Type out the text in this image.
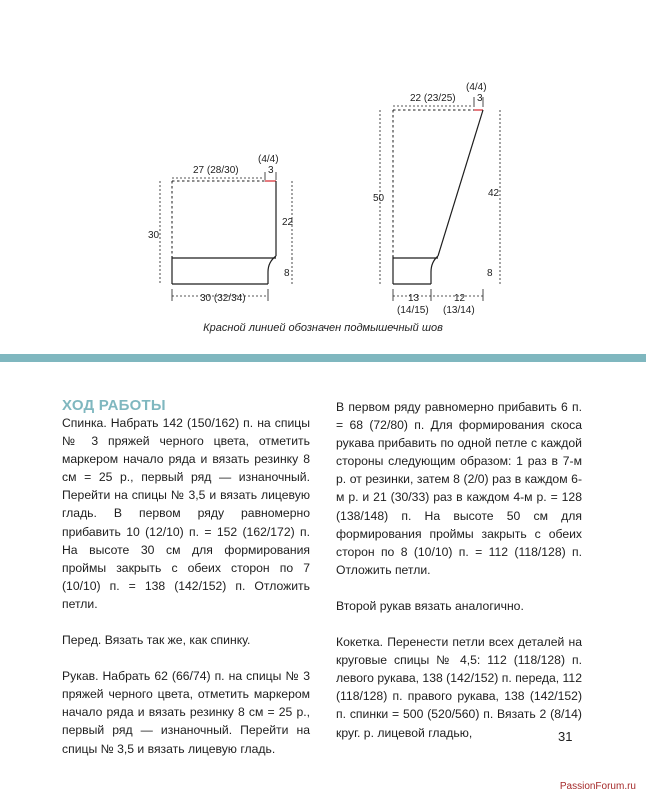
27 (28/30)
(4/4)
3
30
22
8
30 (32/34)
22 (23/25)
(4/4)
3
50	42
8
13
(14/15)
12
(13/14)
Красной линией обозначен подмышечный шов
ХОД РАБОТЫ

Спинка. Набрать 142 (150/162) п. на спицы № 3 пряжей черного цвета, отметить маркером начало ряда и вязать резинку 8 см = 25 р., первый ряд — изнаночный. Перейти на спицы № 3,5 и вязать лицевую гладь. В первом ряду равномерно прибавить 10 (12/10) п. = 152 (162/172) п. На высоте 30 см для формирования проймы закрыть с обеих сторон по 7 (10/10) п. = 138 (142/152) п. Отложить петли.

Перед. Вязать так же, как спинку.

Рукав. Набрать 62 (66/74) п. на спицы № 3 пряжей черного цвета, отметить маркером начало ряда и вязать резинку 8 см = 25 р., первый ряд — изнаночный. Перейти на спицы № 3,5 и вязать лицевую гладь.

В первом ряду равномерно прибавить 6 п. = 68 (72/80) п. Для формирования скоса рукава прибавить по одной петле с каждой стороны следующим образом: 1 раз в 7-м р. от резинки, затем 8 (2/0) раз в каждом 6-м р. и 21 (30/33) раз в каждом 4-м р. = 128 (138/148) п. На высоте 50 см для формирования проймы закрыть с обеих сторон по 8 (10/10) п. = 112 (118/128) п. Отложить петли.

Второй рукав вязать аналогично.

Кокетка. Перенести петли всех деталей на круговые спицы № 4,5: 112 (118/128) п. левого рукава, 138 (142/152) п. переда, 112 (118/128) п. правого рукава, 138 (142/152) п. спинки = 500 (520/560) п. Вязать 2 (8/14) круг. р. лицевой гладью,	31
PassionForum.ru
